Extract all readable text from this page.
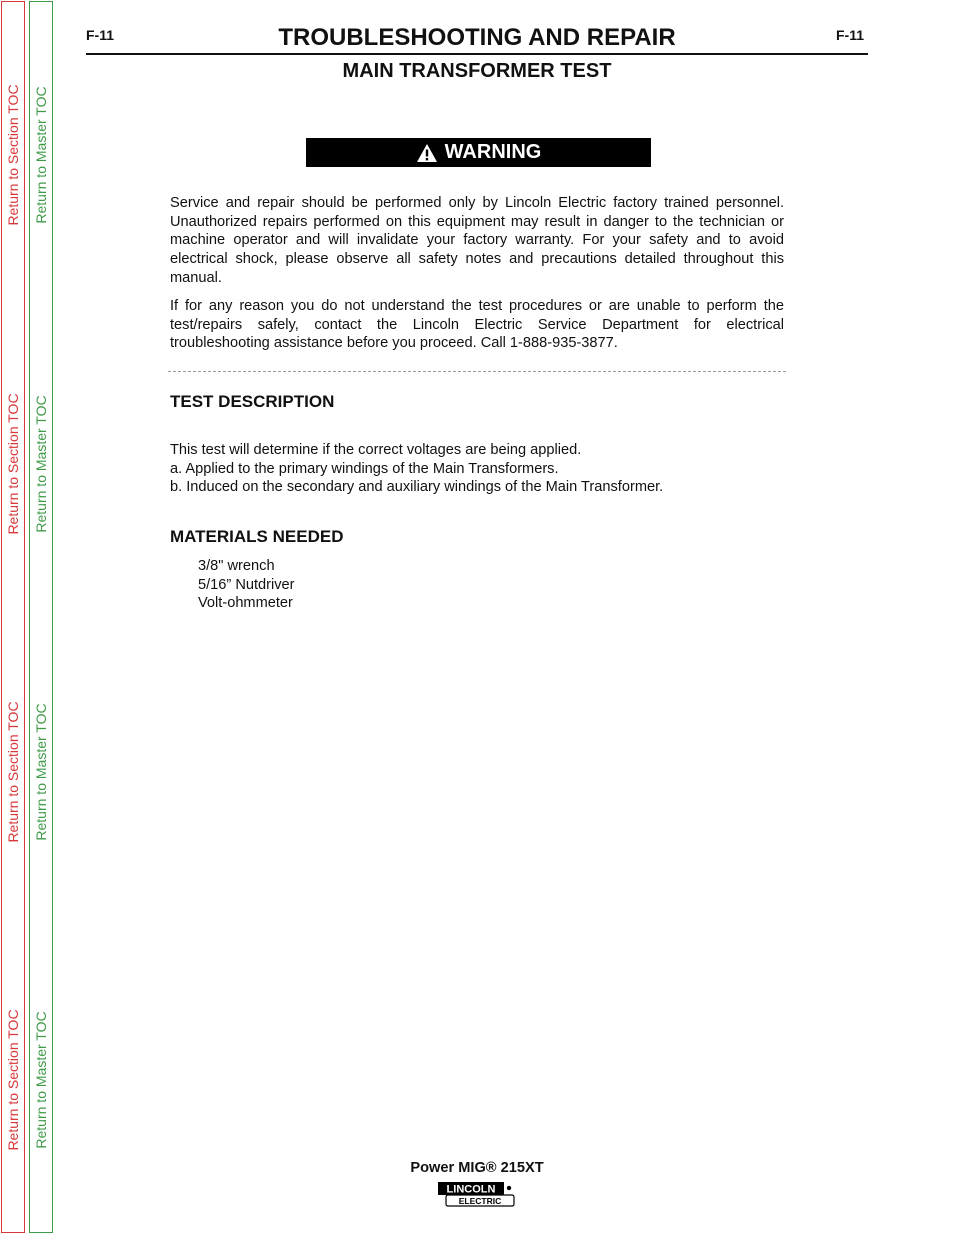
Return to Section TOC
Return to Section TOC
Return to Section TOC
Return to Section TOC
Return to Master TOC
Return to Master TOC
Return to Master TOC
Return to Master TOC
F-11	F-11
TROUBLESHOOTING AND REPAIR
MAIN TRANSFORMER TEST
WARNING

Service and repair should be performed only by Lincoln Electric factory trained personnel. Unauthorized repairs performed on this equipment may result in danger to the technician or machine operator and will invalidate your factory warranty. For your safety and to avoid electrical shock, please observe all safety notes and precautions detailed throughout this manual.

If for any reason you do not understand the test procedures or are unable to perform the test/repairs safely, contact the Lincoln Electric Service Department for electrical troubleshooting assistance before you proceed. Call 1-888-935-3877.

TEST DESCRIPTION
This test will determine if the correct voltages are being applied.
a. Applied to the primary windings of the Main Transformers.
b. Induced on the secondary and auxiliary windings of the Main Transformer.
MATERIALS NEEDED
3/8" wrench
5/16” Nutdriver
Volt-ohmmeter
Power MIG® 215XT
LINCOLN
ELECTRIC
